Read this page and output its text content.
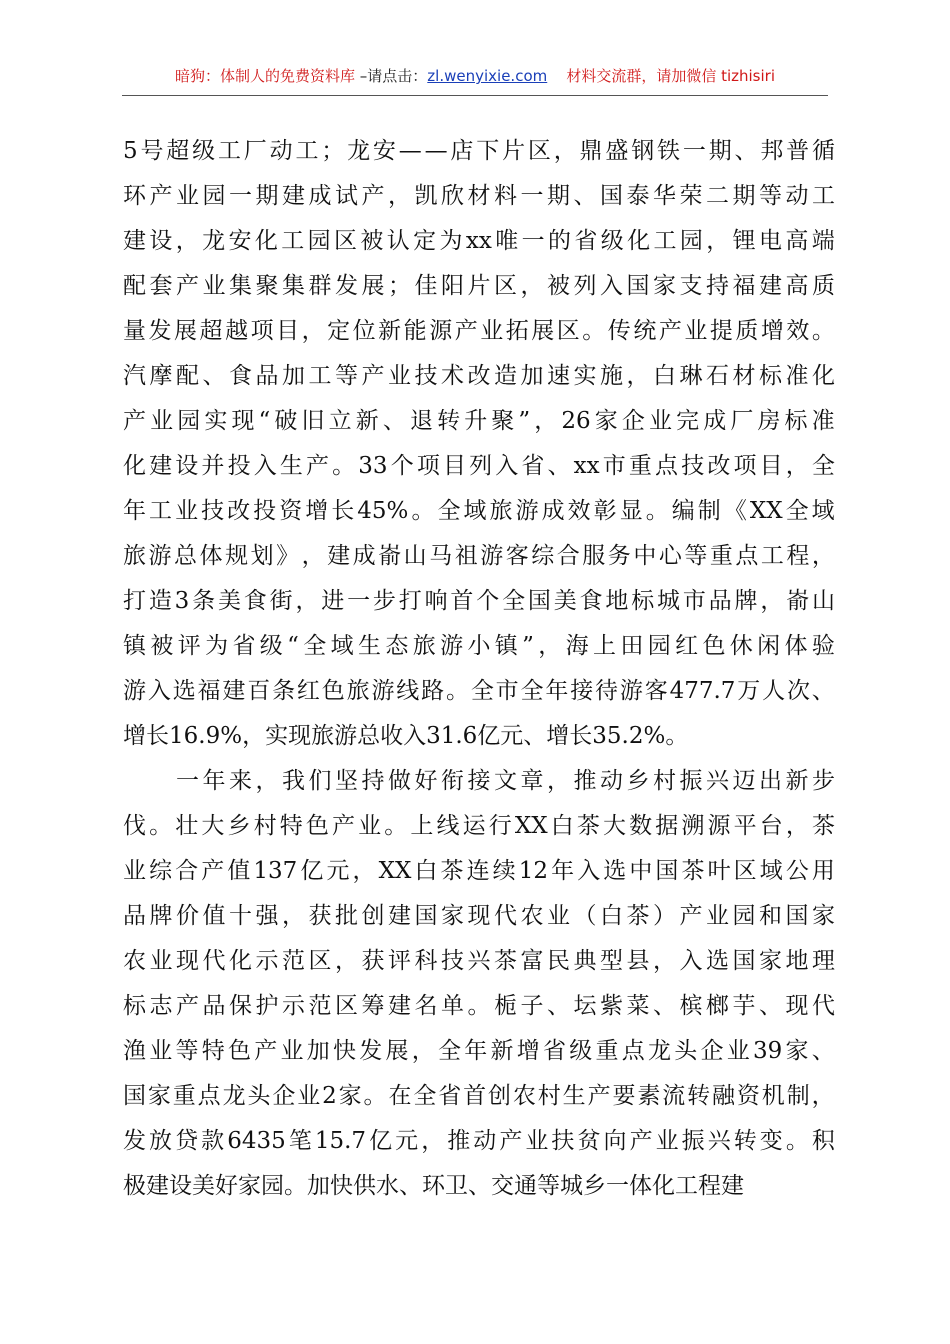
暗狗：体制人的免费资料库 –请点击：zl.wenyixie.com 材料交流群，请加微信 tizhisiri
5 号 超 级 工 厂 动 工 ； 龙 安 — — 店 下 片 区 ， 鼎 盛 钢 铁 一 期 、 邦 普 循
环 产 业 园 一 期 建 成 试 产 ， 凯 欣 材 料 一 期 、 国 泰 华 荣 二 期 等 动 工
建 设 ， 龙 安 化 工 园 区 被 认 定 为 xx 唯 一 的 省 级 化 工 园 ， 锂 电 高 端
配 套 产 业 集 聚 集 群 发 展 ； 佳 阳 片 区 ， 被 列 入 国 家 支 持 福 建 高 质
量 发 展 超 越 项 目 ， 定 位 新 能 源 产 业 拓 展 区 。 传 统 产 业 提 质 增 效 。
汽 摩 配 、 食 品 加 工 等 产 业 技 术 改 造 加 速 实 施 ， 白 琳 石 材 标 准 化
产 业 园 实 现 “ 破 旧 立 新 、 退 转 升 聚 ” ， 26 家 企 业 完 成 厂 房 标 准
化 建 设 并 投 入 生 产 。 33 个 项 目 列 入 省 、 xx 市 重 点 技 改 项 目 ， 全
年 工 业 技 改 投 资 增 长 45% 。 全 域 旅 游 成 效 彰 显 。 编 制 《 XX 全 域
旅 游 总 体 规 划 》 ， 建 成 嵛 山 马 祖 游 客 综 合 服 务 中 心 等 重 点 工 程 ，
打 造 3 条 美 食 街 ， 进 一 步 打 响 首 个 全 国 美 食 地 标 城 市 品 牌 ， 嵛 山
镇 被 评 为 省 级 “ 全 域 生 态 旅 游 小 镇 ” ， 海 上 田 园 红 色 休 闲 体 验
游 入 选 福 建 百 条 红 色 旅 游 线 路 。 全 市 全 年 接 待 游 客 477.7 万 人 次 、
增长16.9%，实现旅游总收入31.6亿元、增长35.2%。

一 年 来 ， 我 们 坚 持 做 好 衔 接 文 章 ， 推 动 乡 村 振 兴 迈 出 新 步
伐 。 壮 大 乡 村 特 色 产 业 。 上 线 运 行 XX 白 茶 大 数 据 溯 源 平 台 ， 茶
业 综 合 产 值 137 亿 元 ， XX 白 茶 连 续 12 年 入 选 中 国 茶 叶 区 域 公 用
品 牌 价 值 十 强 ， 获 批 创 建 国 家 现 代 农 业 （ 白 茶 ） 产 业 园 和 国 家
农 业 现 代 化 示 范 区 ， 获 评 科 技 兴 茶 富 民 典 型 县 ， 入 选 国 家 地 理
标 志 产 品 保 护 示 范 区 筹 建 名 单 。 栀 子 、 坛 紫 菜 、 槟 榔 芋 、 现 代
渔 业 等 特 色 产 业 加 快 发 展 ， 全 年 新 增 省 级 重 点 龙 头 企 业 39 家 、
国 家 重 点 龙 头 企 业 2 家 。 在 全 省 首 创 农 村 生 产 要 素 流 转 融 资 机 制 ，
发 放 贷 款 6435 笔 15.7 亿 元 ， 推 动 产 业 扶 贫 向 产 业 振 兴 转 变 。 积
极建设美好家园。加快供水、环卫、交通等城乡一体化工程建
